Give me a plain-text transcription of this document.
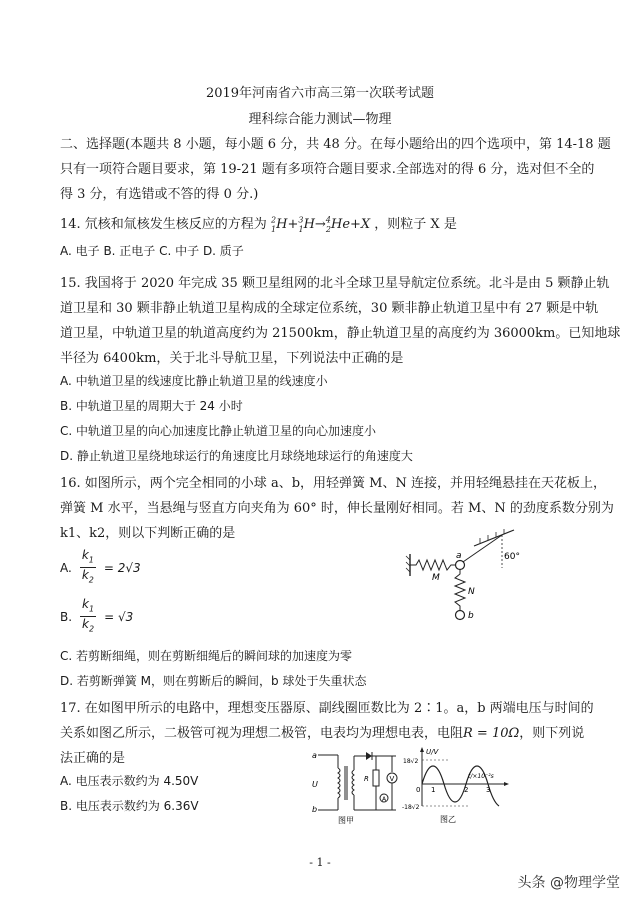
2019年河南省六市高三第一次联考试题
理科综合能力测试—物理
二、选择题(本题共 8 小题，每小题 6 分，共 48 分。在每小题给出的四个选项中，第 14-18 题
只有一项符合题目要求，第 19-21 题有多项符合题目要求.全部选对的得 6 分，选对但不全的
得 3 分，有选错或不答的得 0 分.)
14. 氘核和氚核发生核反应的方程为 $^2_1$H+$^3_1$H→$^4_2$He+X ，则粒子 X 是
A. 电子 B. 正电子 C. 中子 D. 质子
15. 我国将于 2020 年完成 35 颗卫星组网的北斗全球卫星导航定位系统。北斗是由 5 颗静止轨
道卫星和 30 颗非静止轨道卫星构成的全球定位系统，30 颗非静止轨道卫星中有 27 颗是中轨
道卫星，中轨道卫星的轨道高度约为 21500km，静止轨道卫星的高度约为 36000km。已知地球
半径为 6400km，关于北斗导航卫星，下列说法中正确的是
A. 中轨道卫星的线速度比静止轨道卫星的线速度小
B. 中轨道卫星的周期大于 24 小时
C. 中轨道卫星的向心加速度比静止轨道卫星的向心加速度小
D. 静止轨道卫星绕地球运行的角速度比月球绕地球运行的角速度大
16. 如图所示，两个完全相同的小球 a、b，用轻弹簧 M、N 连接，并用轻绳悬挂在天花板上，
弹簧 M 水平，当悬绳与竖直方向夹角为 60° 时，伸长量刚好相同。若 M、N 的劲度系数分别为
k1、k2，则以下判断正确的是
A. $\frac{k_1}{k_2} = 2√3$
B. $\frac{k_1}{k_2} = √3$
C. 若剪断细绳，则在剪断细绳后的瞬间球的加速度为零
D. 若剪断弹簧 M，则在剪断后的瞬间，b 球处于失重状态
a
M
N
b
60°
17. 在如图甲所示的电路中，理想变压器原、副线圈匝数比为 2∶1。a，b 两端电压与时间的
关系如图乙所示，二极管可视为理想二极管，电表均为理想电表，电阻R = 10Ω，则下列说
法正确的是
A. 电压表示数约为 4.50V
B. 电压表示数约为 6.36V
a
U
b
R	V
A
图甲
U/V
18√2
-18√2
0 1	2	3
t/×10⁻²s
图乙
- 1 -
头条 @物理学堂
